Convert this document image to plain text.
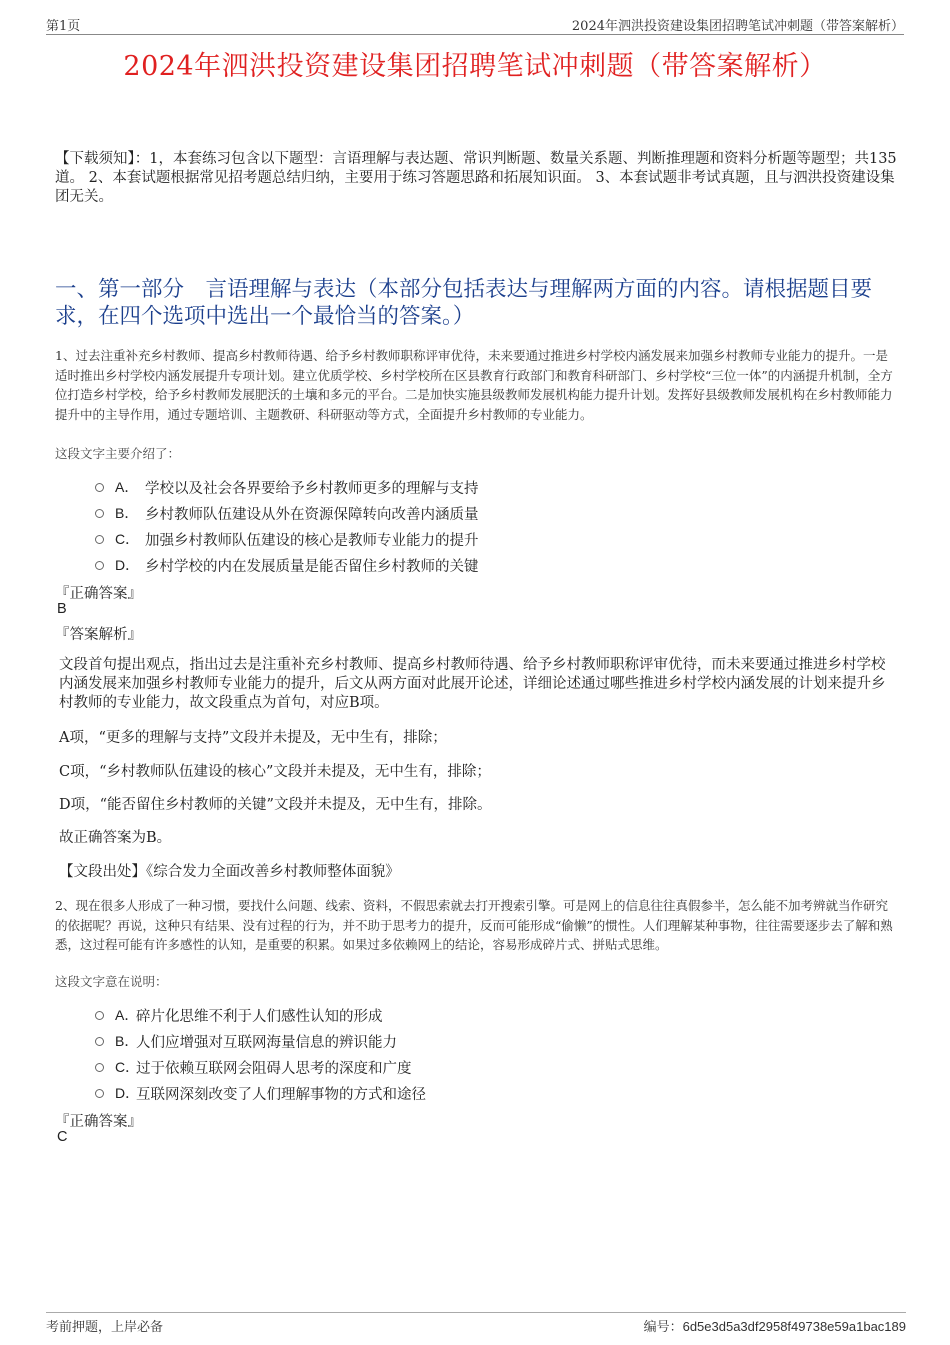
第1页	2024年泗洪投资建设集团招聘笔试冲刺题（带答案解析）
2024年泗洪投资建设集团招聘笔试冲刺题（带答案解析）

【下载须知】：1，本套练习包含以下题型：言语理解与表达题、常识判断题、数量关系题、判断推理题和资料分析题等题型；共135道。 2、本套试题根据常见招考题总结归纳，主要用于练习答题思路和拓展知识面。 3、本套试题非考试真题，且与泗洪投资建设集团无关。

一、第一部分　言语理解与表达（本部分包括表达与理解两方面的内容。请根据题目要求，在四个选项中选出一个最恰当的答案。）

1、过去注重补充乡村教师、提高乡村教师待遇、给予乡村教师职称评审优待，未来要通过推进乡村学校内涵发展来加强乡村教师专业能力的提升。一是适时推出乡村学校内涵发展提升专项计划。建立优质学校、乡村学校所在区县教育行政部门和教育科研部门、乡村学校“三位一体”的内涵提升机制，全方位打造乡村学校，给予乡村教师发展肥沃的土壤和多元的平台。二是加快实施县级教师发展机构能力提升计划。发挥好县级教师发展机构在乡村教师能力提升中的主导作用，通过专题培训、主题教研、科研驱动等方式，全面提升乡村教师的专业能力。

这段文字主要介绍了：

A． 学校以及社会各界要给予乡村教师更多的理解与支持
B． 乡村教师队伍建设从外在资源保障转向改善内涵质量
C． 加强乡村教师队伍建设的核心是教师专业能力的提升
D． 乡村学校的内在发展质量是能否留住乡村教师的关键

『正确答案』

B

『答案解析』

文段首句提出观点，指出过去是注重补充乡村教师、提高乡村教师待遇、给予乡村教师职称评审优待，而未来要通过推进乡村学校内涵发展来加强乡村教师专业能力的提升，后文从两方面对此展开论述，详细论述通过哪些推进乡村学校内涵发展的计划来提升乡村教师的专业能力，故文段重点为首句，对应B项。

A项，“更多的理解与支持”文段并未提及，无中生有，排除；

C项，“乡村教师队伍建设的核心”文段并未提及，无中生有，排除；

D项，“能否留住乡村教师的关键”文段并未提及，无中生有，排除。

故正确答案为B。

【文段出处】《综合发力全面改善乡村教师整体面貌》

2、现在很多人形成了一种习惯，要找什么问题、线索、资料，不假思索就去打开搜索引擎。可是网上的信息往往真假参半，怎么能不加考辨就当作研究的依据呢？再说，这种只有结果、没有过程的行为，并不助于思考力的提升，反而可能形成“偷懒”的惯性。人们理解某种事物，往往需要逐步去了解和熟悉，这过程可能有许多感性的认知，是重要的积累。如果过多依赖网上的结论，容易形成碎片式、拼贴式思维。

这段文字意在说明：

A．
碎片化思维不利于人们感性认知的形成
B．
人们应增强对互联网海量信息的辨识能力
C．
过于依赖互联网会阻碍人思考的深度和广度
D．
互联网深刻改变了人们理解事物的方式和途径

『正确答案』

C

考前押题，上岸必备	编号：6d5e3d5a3df2958f49738e59a1bac189
